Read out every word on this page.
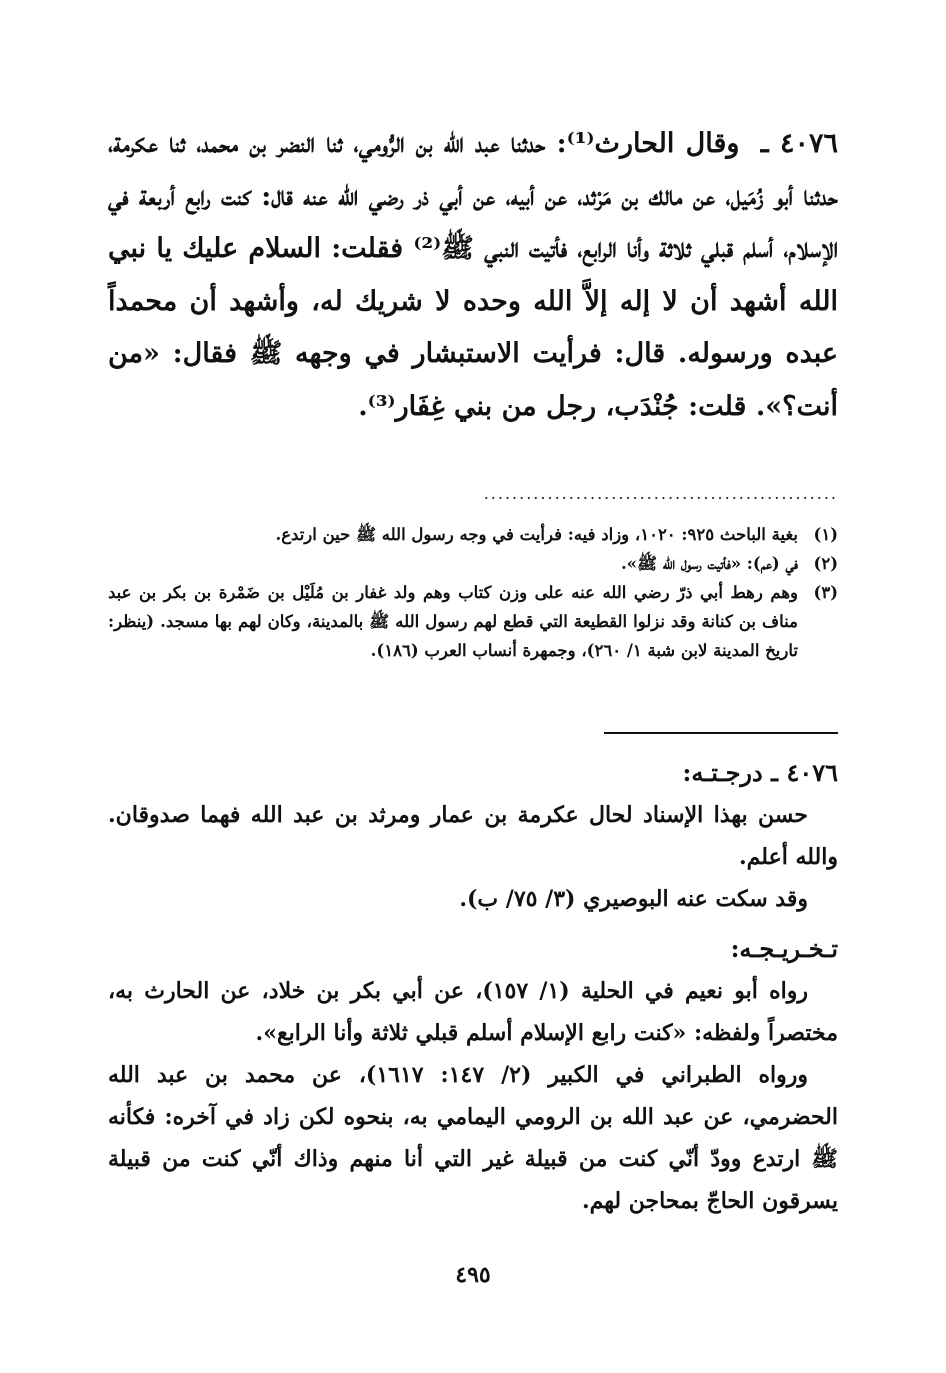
٤٠٧٦ ـ وقال الحارث⁽¹⁾: حدثنا عبد الله بن الرُّومي، ثنا النضر بن محمد، ثنا عكرمة، حدثنا أبو زُمَيل، عن مالك بن مَرْثد، عن أبيه، عن أبي ذر رضي الله عنه قال: كنت رابع أربعة في الإسلام، أسلم قبلي ثلاثة وأنا الرابع، فأتيت النبي ﷺ⁽²⁾ فقلت: السلام عليك يا نبي الله أشهد أن لا إله إلاَّ الله وحده لا شريك له، وأشهد أن محمداً عبده ورسوله. قال: فرأيت الاستبشار في وجهه ﷺ فقال: «من أنت؟». قلت: جُنْدَب، رجل من بني غِفَار⁽³⁾.
..................................................
(١)
بغية الباحث ٩٢٥: ١٠٢٠، وزاد فيه: فرأيت في وجه رسول الله ﷺ حين ارتدع.
(٢)
في (عم): «فأتيت رسول الله ﷺ».
(٣)
وهم رهط أبي ذرّ رضي الله عنه على وزن كتاب وهم ولد غفار بن مُلَيْل بن ضَمْرة بن بكر بن عبد مناف بن كنانة وقد نزلوا القطيعة التي قطع لهم رسول الله ﷺ بالمدينة، وكان لهم بها مسجد. (ينظر: تاريخ المدينة لابن شبة ١/ ٢٦٠)، وجمهرة أنساب العرب (١٨٦).
٤٠٧٦ ـ درجـتـه:
حسن بهذا الإسناد لحال عكرمة بن عمار ومرثد بن عبد الله فهما صدوقان. والله أعلم.
وقد سكت عنه البوصيري (٣/ ٧٥/ ب).
تـخـريـجـه:
رواه أبو نعيم في الحلية (١/ ١٥٧)، عن أبي بكر بن خلاد، عن الحارث به، مختصراً ولفظه: «كنت رابع الإسلام أسلم قبلي ثلاثة وأنا الرابع».
ورواه الطبراني في الكبير (٢/ ١٤٧: ١٦١٧)، عن محمد بن عبد الله الحضرمي، عن عبد الله بن الرومي اليمامي به، بنحوه لكن زاد في آخره: فكأنه ﷺ ارتدع وودّ أنّي كنت من قبيلة غير التي أنا منهم وذاك أنّي كنت من قبيلة يسرقون الحاجّ بمحاجن لهم.
٤٩٥
